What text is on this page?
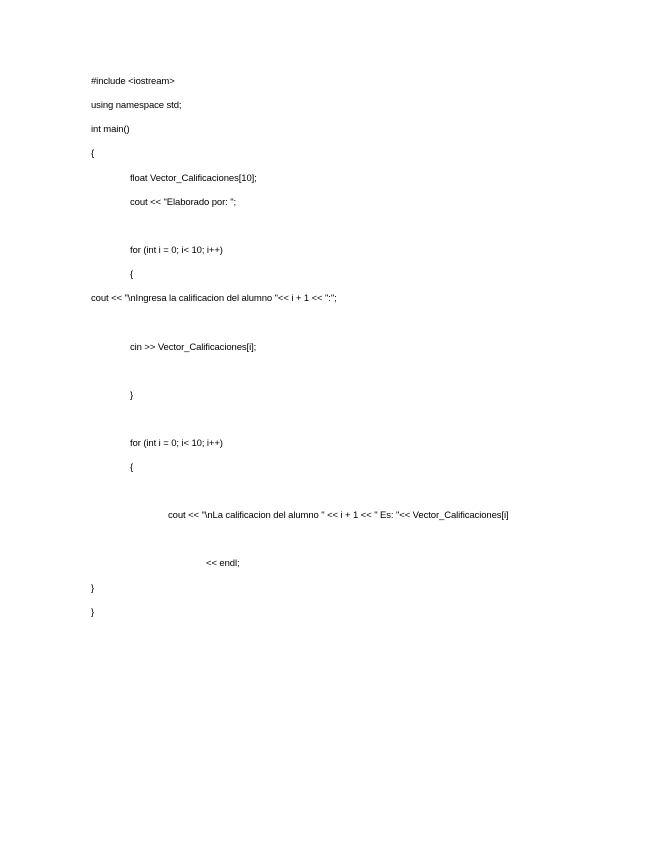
#include <iostream>
using namespace std;
int main()
{
float Vector_Calificaciones[10];
cout << "Elaborado por: ";
for (int i = 0; i< 10; i++)
{
cout << "\nIngresa la calificacion del alumno "<< i + 1 << ":";
cin >> Vector_Calificaciones[i];
}
for (int i = 0; i< 10; i++)
{
cout << "\nLa calificacion del alumno " << i + 1 << " Es: "<< Vector_Calificaciones[i]
<< endl;
}
}
